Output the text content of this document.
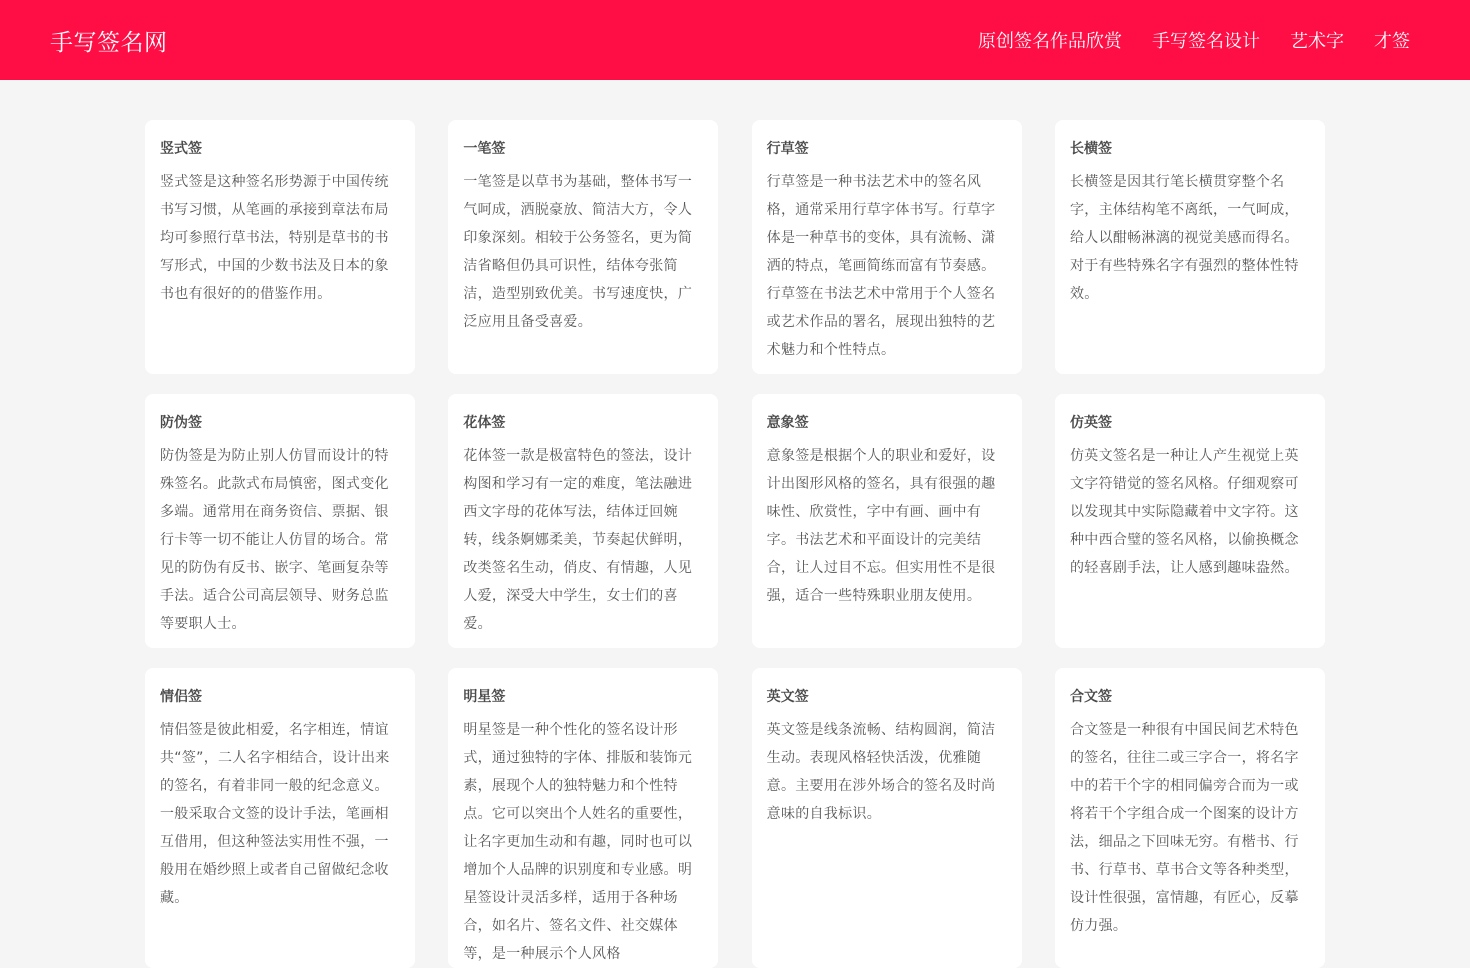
手写签名网	原创签名作品欣赏 手写签名设计 艺术字 才签
竖式签
竖式签是这种签名形势源于中国传统书写习惯，从笔画的承接到章法布局均可参照行草书法，特别是草书的书写形式，中国的少数书法及日本的象书也有很好的的借鉴作用。
一笔签
一笔签是以草书为基础，整体书写一气呵成，洒脱豪放、简洁大方，令人印象深刻。相较于公务签名，更为简洁省略但仍具可识性，结体夸张简洁，造型别致优美。书写速度快，广泛应用且备受喜爱。
行草签
行草签是一种书法艺术中的签名风格，通常采用行草字体书写。行草字体是一种草书的变体，具有流畅、潇洒的特点，笔画简练而富有节奏感。行草签在书法艺术中常用于个人签名或艺术作品的署名，展现出独特的艺术魅力和个性特点。
长横签
长横签是因其行笔长横贯穿整个名字，主体结构笔不离纸，一气呵成，给人以酣畅淋漓的视觉美感而得名。对于有些特殊名字有强烈的整体性特效。
防伪签
防伪签是为防止别人仿冒而设计的特殊签名。此款式布局慎密，图式变化多端。通常用在商务资信、票据、银行卡等一切不能让人仿冒的场合。常见的防伪有反书、嵌字、笔画复杂等手法。适合公司高层领导、财务总监等要职人士。
花体签
花体签一款是极富特色的签法，设计构图和学习有一定的难度，笔法融进西文字母的花体写法，结体迂回婉转，线条婀娜柔美，节奏起伏鲜明，改类签名生动，俏皮、有情趣，人见人爱，深受大中学生，女士们的喜爱。
意象签
意象签是根据个人的职业和爱好，设计出图形风格的签名，具有很强的趣味性、欣赏性，字中有画、画中有字。书法艺术和平面设计的完美结合，让人过目不忘。但实用性不是很强，适合一些特殊职业朋友使用。
仿英签
仿英文签名是一种让人产生视觉上英文字符错觉的签名风格。仔细观察可以发现其中实际隐藏着中文字符。这种中西合璧的签名风格，以偷换概念的轻喜剧手法，让人感到趣味盎然。
情侣签
情侣签是彼此相爱，名字相连，情谊共“签”，二人名字相结合，设计出来的签名，有着非同一般的纪念意义。一般采取合文签的设计手法，笔画相互借用，但这种签法实用性不强，一般用在婚纱照上或者自己留做纪念收藏。
明星签
明星签是一种个性化的签名设计形式，通过独特的字体、排版和装饰元素，展现个人的独特魅力和个性特点。它可以突出个人姓名的重要性，让名字更加生动和有趣，同时也可以增加个人品牌的识别度和专业感。明星签设计灵活多样，适用于各种场合，如名片、签名文件、社交媒体等，是一种展示个人风格
英文签
英文签是线条流畅、结构圆润，简洁生动。表现风格轻快活泼，优雅随意。主要用在涉外场合的签名及时尚意味的自我标识。
合文签
合文签是一种很有中国民间艺术特色的签名，往往二或三字合一，将名字中的若干个字的相同偏旁合而为一或将若干个字组合成一个图案的设计方法，细品之下回味无穷。有楷书、行书、行草书、草书合文等各种类型，设计性很强，富情趣，有匠心，反摹仿力强。
